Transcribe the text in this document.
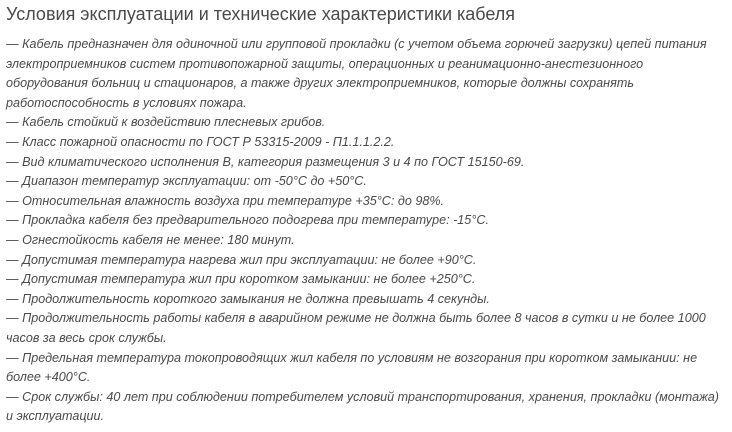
Условия эксплуатации и технические характеристики кабеля
— Кабель предназначен для одиночной или групповой прокладки (с учетом объема горючей загрузки) цепей питания электроприемников систем противопожарной защиты, операционных и реанимационно-анестезионного оборудования больниц и стационаров, а также других электроприемников, которые должны сохранять работоспособность в условиях пожара.
— Кабель стойкий к воздействию плесневых грибов.
— Класс пожарной опасности по ГОСТ Р 53315-2009 - П1.1.1.2.2.
— Вид климатического исполнения В, категория размещения 3 и 4 по ГОСТ 15150-69.
— Диапазон температур эксплуатации: от -50°C до +50°C.
— Относительная влажность воздуха при температуре +35°C: до 98%.
— Прокладка кабеля без предварительного подогрева при температуре: -15°C.
— Огнестойкость кабеля не менее: 180 минут.
— Допустимая температура нагрева жил при эксплуатации: не более +90°C.
— Допустимая температура жил при коротком замыкании: не более +250°C.
— Продолжительность короткого замыкания не должна превышать 4 секунды.
— Продолжительность работы кабеля в аварийном режиме не должна быть более 8 часов в сутки и не более 1000 часов за весь срок службы.
— Предельная температура токопроводящих жил кабеля по условиям не возгорания при коротком замыкании: не более +400°C.
— Срок службы: 40 лет при соблюдении потребителем условий транспортирования, хранения, прокладки (монтажа) и эксплуатации.
